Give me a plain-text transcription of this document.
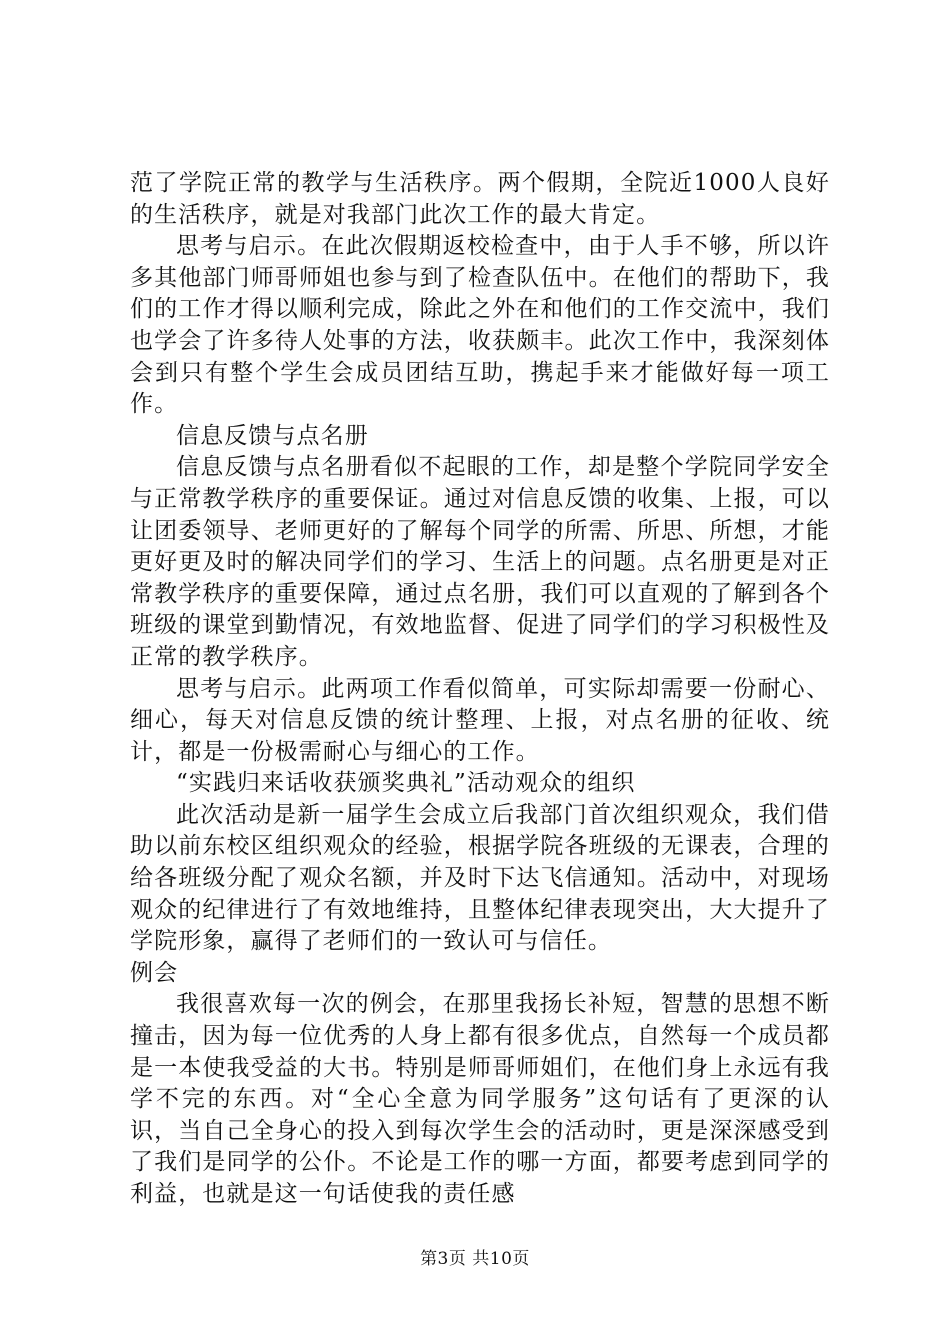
范了学院正常的教学与生活秩序。两个假期，全院近1000人良好的生活秩序，就是对我部门此次工作的最大肯定。

思考与启示。在此次假期返校检查中，由于人手不够，所以许多其他部门师哥师姐也参与到了检查队伍中。在他们的帮助下，我们的工作才得以顺利完成，除此之外在和他们的工作交流中，我们也学会了许多待人处事的方法，收获颇丰。此次工作中，我深刻体会到只有整个学生会成员团结互助，携起手来才能做好每一项工作。

信息反馈与点名册

信息反馈与点名册看似不起眼的工作，却是整个学院同学安全与正常教学秩序的重要保证。通过对信息反馈的收集、上报，可以让团委领导、老师更好的了解每个同学的所需、所思、所想，才能更好更及时的解决同学们的学习、生活上的问题。点名册更是对正常教学秩序的重要保障，通过点名册，我们可以直观的了解到各个班级的课堂到勤情况，有效地监督、促进了同学们的学习积极性及正常的教学秩序。

思考与启示。此两项工作看似简单，可实际却需要一份耐心、细心，每天对信息反馈的统计整理、上报，对点名册的征收、统计，都是一份极需耐心与细心的工作。

“实践归来话收获颁奖典礼”活动观众的组织

此次活动是新一届学生会成立后我部门首次组织观众，我们借助以前东校区组织观众的经验，根据学院各班级的无课表，合理的给各班级分配了观众名额，并及时下达飞信通知。活动中，对现场观众的纪律进行了有效地维持，且整体纪律表现突出，大大提升了学院形象，赢得了老师们的一致认可与信任。

例会

我很喜欢每一次的例会，在那里我扬长补短，智慧的思想不断撞击，因为每一位优秀的人身上都有很多优点，自然每一个成员都是一本使我受益的大书。特别是师哥师姐们，在他们身上永远有我学不完的东西。对“全心全意为同学服务”这句话有了更深的认识，当自己全身心的投入到每次学生会的活动时，更是深深感受到了我们是同学的公仆。不论是工作的哪一方面，都要考虑到同学的利益，也就是这一句话使我的责任感

第3页 共10页
